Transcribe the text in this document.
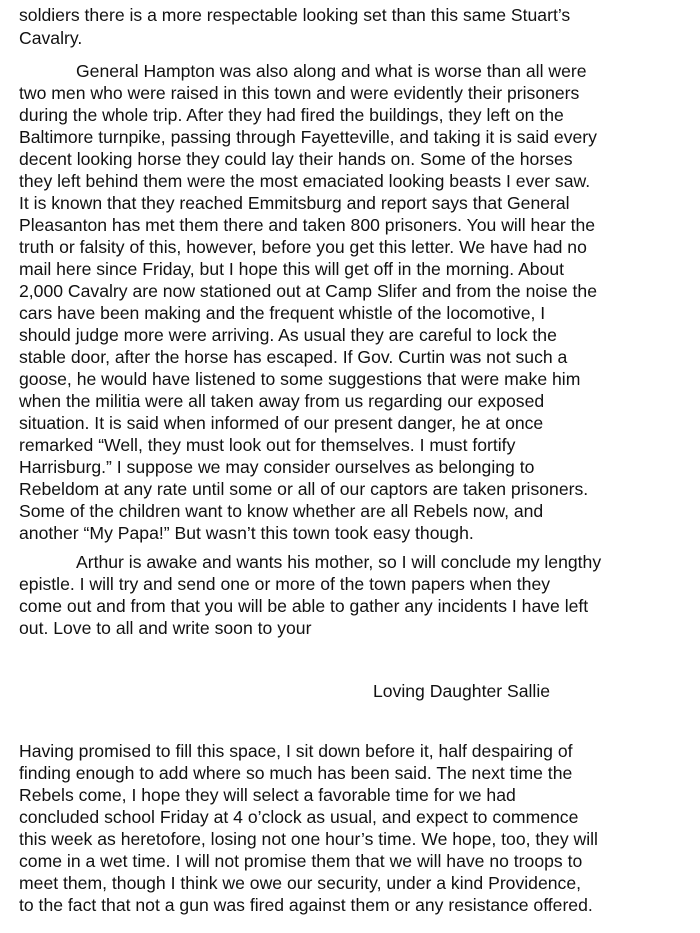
soldiers there is a more respectable looking set than this same Stuart’s
Cavalry.
General Hampton was also along and what is worse than all were
two men who were raised in this town and were evidently their prisoners
during the whole trip. After they had fired the buildings, they left on the
Baltimore turnpike, passing through Fayetteville, and taking it is said every
decent looking horse they could lay their hands on. Some of the horses
they left behind them were the most emaciated looking beasts I ever saw.
It is known that they reached Emmitsburg and report says that General
Pleasanton has met them there and taken 800 prisoners. You will hear the
truth or falsity of this, however, before you get this letter. We have had no
mail here since Friday, but I hope this will get off in the morning. About
2,000 Cavalry are now stationed out at Camp Slifer and from the noise the
cars have been making and the frequent whistle of the locomotive, I
should judge more were arriving. As usual they are careful to lock the
stable door, after the horse has escaped. If Gov. Curtin was not such a
goose, he would have listened to some suggestions that were make him
when the militia were all taken away from us regarding our exposed
situation. It is said when informed of our present danger, he at once
remarked “Well, they must look out for themselves. I must fortify
Harrisburg.” I suppose we may consider ourselves as belonging to
Rebeldom at any rate until some or all of our captors are taken prisoners.
Some of the children want to know whether are all Rebels now, and
another “My Papa!” But wasn’t this town took easy though.
Arthur is awake and wants his mother, so I will conclude my lengthy
epistle. I will try and send one or more of the town papers when they
come out and from that you will be able to gather any incidents I have left
out. Love to all and write soon to your
Loving Daughter Sallie
Having promised to fill this space, I sit down before it, half despairing of
finding enough to add where so much has been said. The next time the
Rebels come, I hope they will select a favorable time for we had
concluded school Friday at 4 o’clock as usual, and expect to commence
this week as heretofore, losing not one hour’s time. We hope, too, they will
come in a wet time. I will not promise them that we will have no troops to
meet them, though I think we owe our security, under a kind Providence,
to the fact that not a gun was fired against them or any resistance offered.
